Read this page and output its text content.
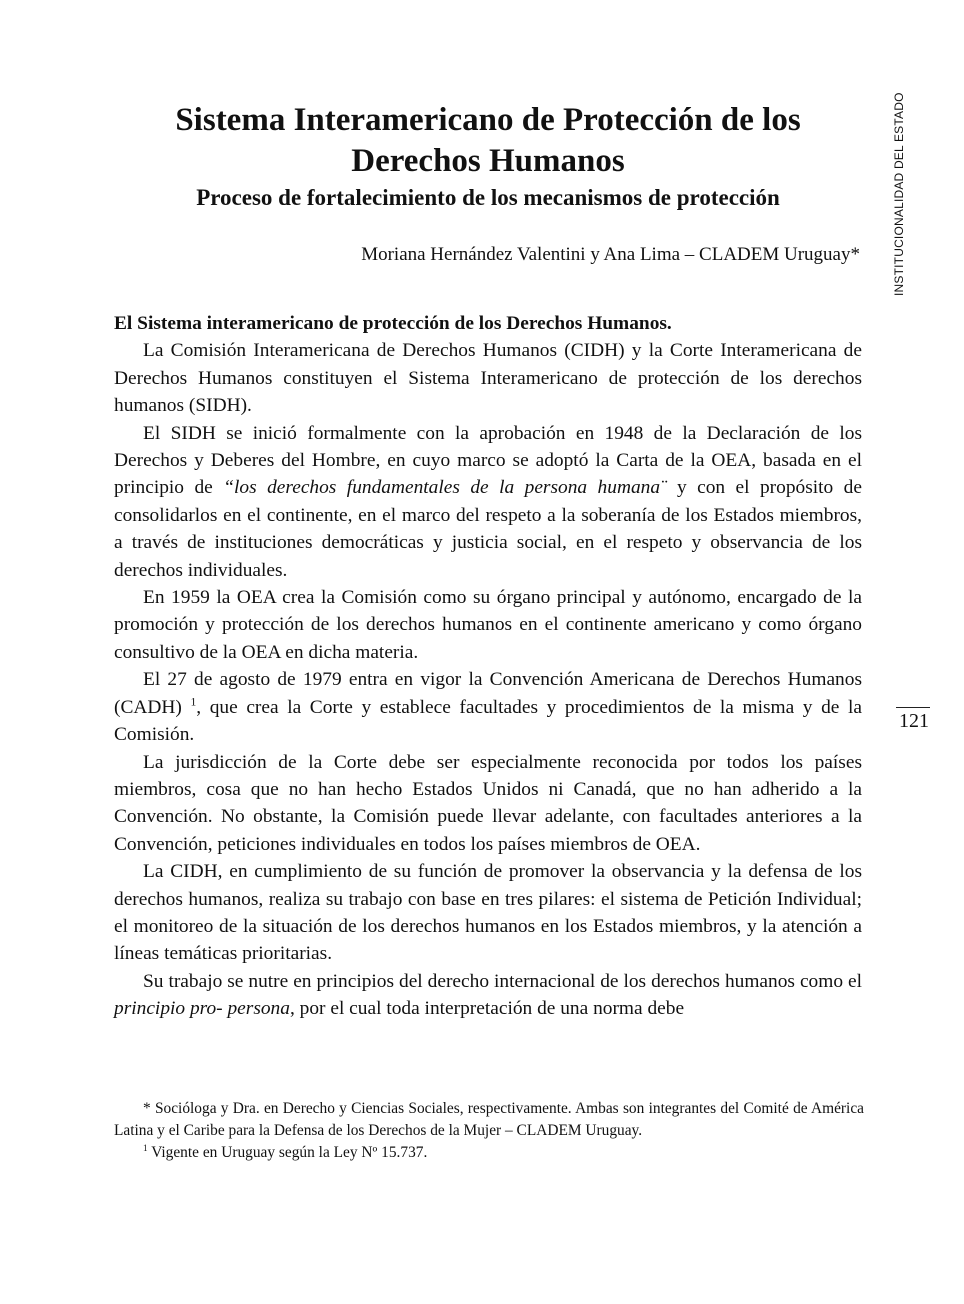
Sistema Interamericano de Protección de los Derechos Humanos
Proceso de fortalecimiento de los mecanismos de protección
Moriana Hernández Valentini y Ana Lima – CLADEM Uruguay*	INSTITUCIONALIDAD DEL ESTADO
121

El Sistema interamericano de protección de los Derechos Humanos.

La Comisión Interamericana de Derechos Humanos (CIDH) y la Corte Interamericana de Derechos Humanos constituyen el Sistema Interamericano de protección de los derechos humanos (SIDH).

El SIDH se inició formalmente con la aprobación en 1948 de la Declaración de los Derechos y Deberes del Hombre, en cuyo marco se adoptó la Carta de la OEA, basada en el principio de “los derechos fundamentales de la persona humana¨ y con el propósito de consolidarlos en el continente, en el marco del respeto a la soberanía de los Estados miembros, a través de instituciones democráticas y justicia social, en el respeto y observancia de los derechos individuales.

En 1959 la OEA crea la Comisión como su órgano principal y autónomo, encargado de la promoción y protección de los derechos humanos en el continente americano y como órgano consultivo de la OEA en dicha materia.

El 27 de agosto de 1979 entra en vigor la Convención Americana de Derechos Humanos (CADH) $^1$, que crea la Corte y establece facultades y procedimientos de la misma y de la Comisión.

La jurisdicción de la Corte debe ser especialmente reconocida por todos los países miembros, cosa que no han hecho Estados Unidos ni Canadá, que no han adherido a la Convención. No obstante, la Comisión puede llevar adelante, con facultades anteriores a la Convención, peticiones individuales en todos los países miembros de OEA.

La CIDH, en cumplimiento de su función de promover la observancia y la defensa de los derechos humanos, realiza su trabajo con base en tres pilares: el sistema de Petición Individual; el monitoreo de la situación de los derechos humanos en los Estados miembros, y la atención a líneas temáticas prioritarias.

Su trabajo se nutre en principios del derecho internacional de los derechos humanos como el principio pro- persona, por el cual toda interpretación de una norma debe

* Socióloga y Dra. en Derecho y Ciencias Sociales, respectivamente. Ambas son integrantes del Comité de América Latina y el Caribe para la Defensa de los Derechos de la Mujer – CLADEM Uruguay.

$^1$ Vigente en Uruguay según la Ley Nº 15.737.
